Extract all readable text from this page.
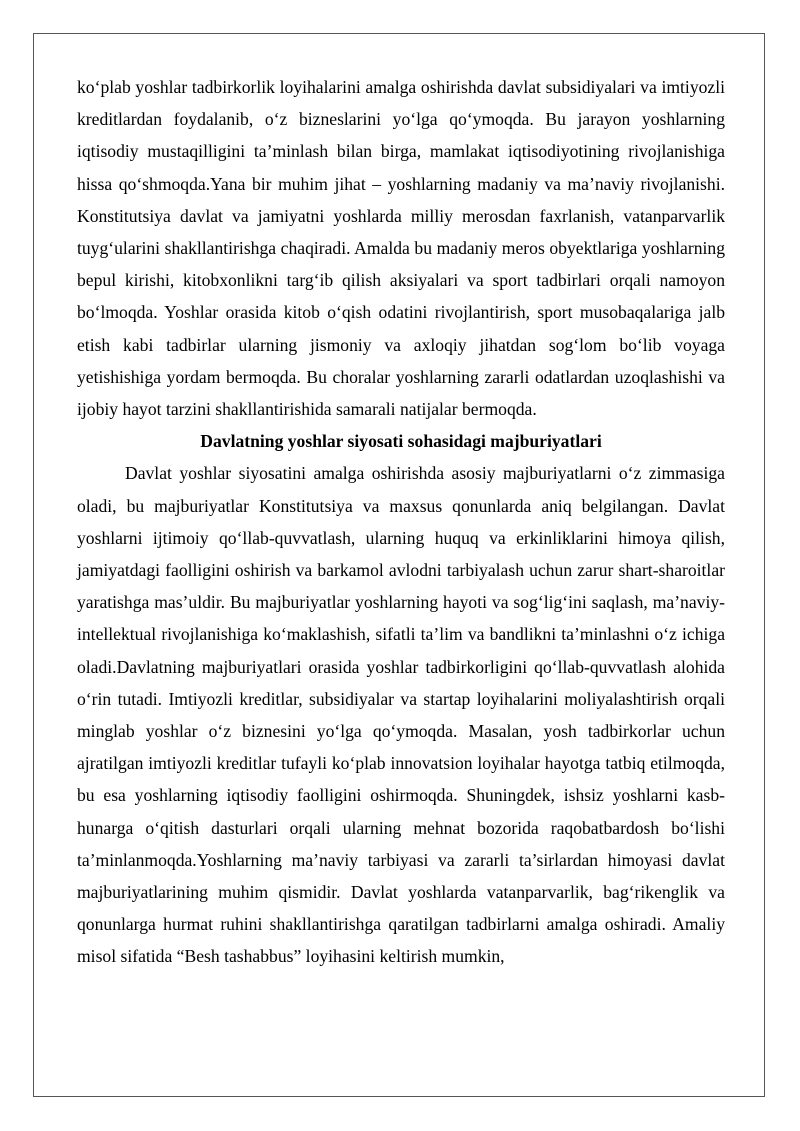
ko‘plab yoshlar tadbirkorlik loyihalarini amalga oshirishda davlat subsidiyalari va imtiyozli kreditlardan foydalanib, o‘z bizneslarini yo‘lga qo‘ymoqda. Bu jarayon yoshlarning iqtisodiy mustaqilligini ta’minlash bilan birga, mamlakat iqtisodiyotining rivojlanishiga hissa qo‘shmoqda.Yana bir muhim jihat – yoshlarning madaniy va ma’naviy rivojlanishi. Konstitutsiya davlat va jamiyatni yoshlarda milliy merosdan faxrlanish, vatanparvarlik tuyg‘ularini shakllantirishga chaqiradi. Amalda bu madaniy meros obyektlariga yoshlarning bepul kirishi, kitobxonlikni targ‘ib qilish aksiyalari va sport tadbirlari orqali namoyon bo‘lmoqda. Yoshlar orasida kitob o‘qish odatini rivojlantirish, sport musobaqalariga jalb etish kabi tadbirlar ularning jismoniy va axloqiy jihatdan sog‘lom bo‘lib voyaga yetishishiga yordam bermoqda. Bu choralar yoshlarning zararli odatlardan uzoqlashishi va ijobiy hayot tarzini shakllantirishida samarali natijalar bermoqda.

Davlatning yoshlar siyosati sohasidagi majburiyatlari

Davlat yoshlar siyosatini amalga oshirishda asosiy majburiyatlarni o‘z zimmasiga oladi, bu majburiyatlar Konstitutsiya va maxsus qonunlarda aniq belgilangan. Davlat yoshlarni ijtimoiy qo‘llab-quvvatlash, ularning huquq va erkinliklarini himoya qilish, jamiyatdagi faolligini oshirish va barkamol avlodni tarbiyalash uchun zarur shart-sharoitlar yaratishga mas’uldir. Bu majburiyatlar yoshlarning hayoti va sog‘lig‘ini saqlash, ma’naviy-intellektual rivojlanishiga ko‘maklashish, sifatli ta’lim va bandlikni ta’minlashni o‘z ichiga oladi.Davlatning majburiyatlari orasida yoshlar tadbirkorligini qo‘llab-quvvatlash alohida o‘rin tutadi. Imtiyozli kreditlar, subsidiyalar va startap loyihalarini moliyalashtirish orqali minglab yoshlar o‘z biznesini yo‘lga qo‘ymoqda. Masalan, yosh tadbirkorlar uchun ajratilgan imtiyozli kreditlar tufayli ko‘plab innovatsion loyihalar hayotga tatbiq etilmoqda, bu esa yoshlarning iqtisodiy faolligini oshirmoqda. Shuningdek, ishsiz yoshlarni kasb-hunarga o‘qitish dasturlari orqali ularning mehnat bozorida raqobatbardosh bo‘lishi ta’minlanmoqda.Yoshlarning ma’naviy tarbiyasi va zararli ta’sirlardan himoyasi davlat majburiyatlarining muhim qismidir. Davlat yoshlarda vatanparvarlik, bag‘rikenglik va qonunlarga hurmat ruhini shakllantirishga qaratilgan tadbirlarni amalga oshiradi. Amaliy misol sifatida “Besh tashabbus” loyihasini keltirish mumkin,
